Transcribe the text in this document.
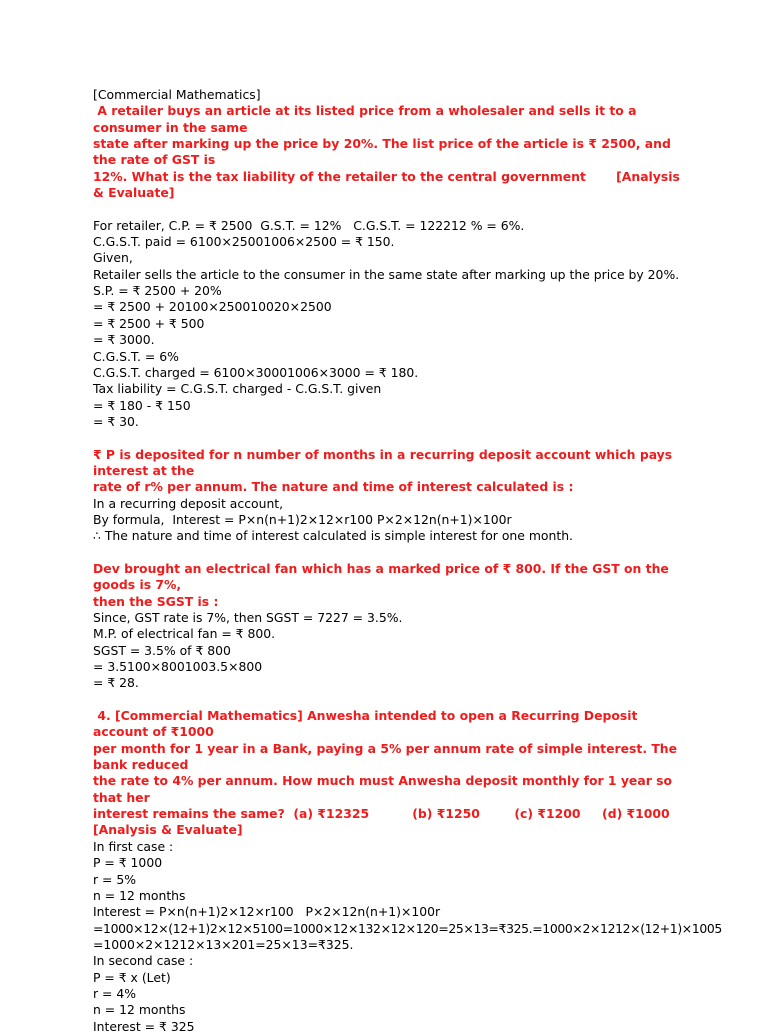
[Commercial Mathematics]
A retailer buys an article at its listed price from a wholesaler and sells it to a consumer in the same
state after marking up the price by 20%. The list price of the article is ₹ 2500, and the rate of GST is
12%. What is the tax liability of the retailer to the central government       [Analysis & Evaluate]
For retailer, C.P. = ₹ 2500  G.S.T. = 12%   C.G.S.T. = 122212 % = 6%.
C.G.S.T. paid = 6100×25001006×2500 = ₹ 150.
Given,
Retailer sells the article to the consumer in the same state after marking up the price by 20%.
S.P. = ₹ 2500 + 20%
= ₹ 2500 + 20100×250010020×2500
= ₹ 2500 + ₹ 500
= ₹ 3000.
C.G.S.T. = 6%
C.G.S.T. charged = 6100×30001006×3000 = ₹ 180.
Tax liability = C.G.S.T. charged - C.G.S.T. given
= ₹ 180 - ₹ 150
= ₹ 30.
₹ P is deposited for n number of months in a recurring deposit account which pays interest at the
rate of r% per annum. The nature and time of interest calculated is :
In a recurring deposit account,
By formula,  Interest = P×n(n+1)2×12×r100 P×2×12n(n+1)×100r
∴ The nature and time of interest calculated is simple interest for one month.
Dev brought an electrical fan which has a marked price of ₹ 800. If the GST on the goods is 7%,
then the SGST is :
Since, GST rate is 7%, then SGST = 7227 = 3.5%.
M.P. of electrical fan = ₹ 800.
SGST = 3.5% of ₹ 800
= 3.5100×8001003.5×800
= ₹ 28.
4. [Commercial Mathematics] Anwesha intended to open a Recurring Deposit account of ₹1000
per month for 1 year in a Bank, paying a 5% per annum rate of simple interest. The bank reduced
the rate to 4% per annum. How much must Anwesha deposit monthly for 1 year so that her
interest remains the same?  (a) ₹12325          (b) ₹1250        (c) ₹1200     (d) ₹1000
[Analysis & Evaluate]
In first case :
P = ₹ 1000
r = 5%
n = 12 months
Interest = P×n(n+1)2×12×r100   P×2×12n(n+1)×100r
=1000×12×(12+1)2×12×5100=1000×12×132×12×120=25×13=₹325.=1000×2×1212×(12+1)×1005
=1000×2×1212×13×201=25×13=₹325.
In second case :
P = ₹ x (Let)
r = 4%
n = 12 months
Interest = ₹ 325
